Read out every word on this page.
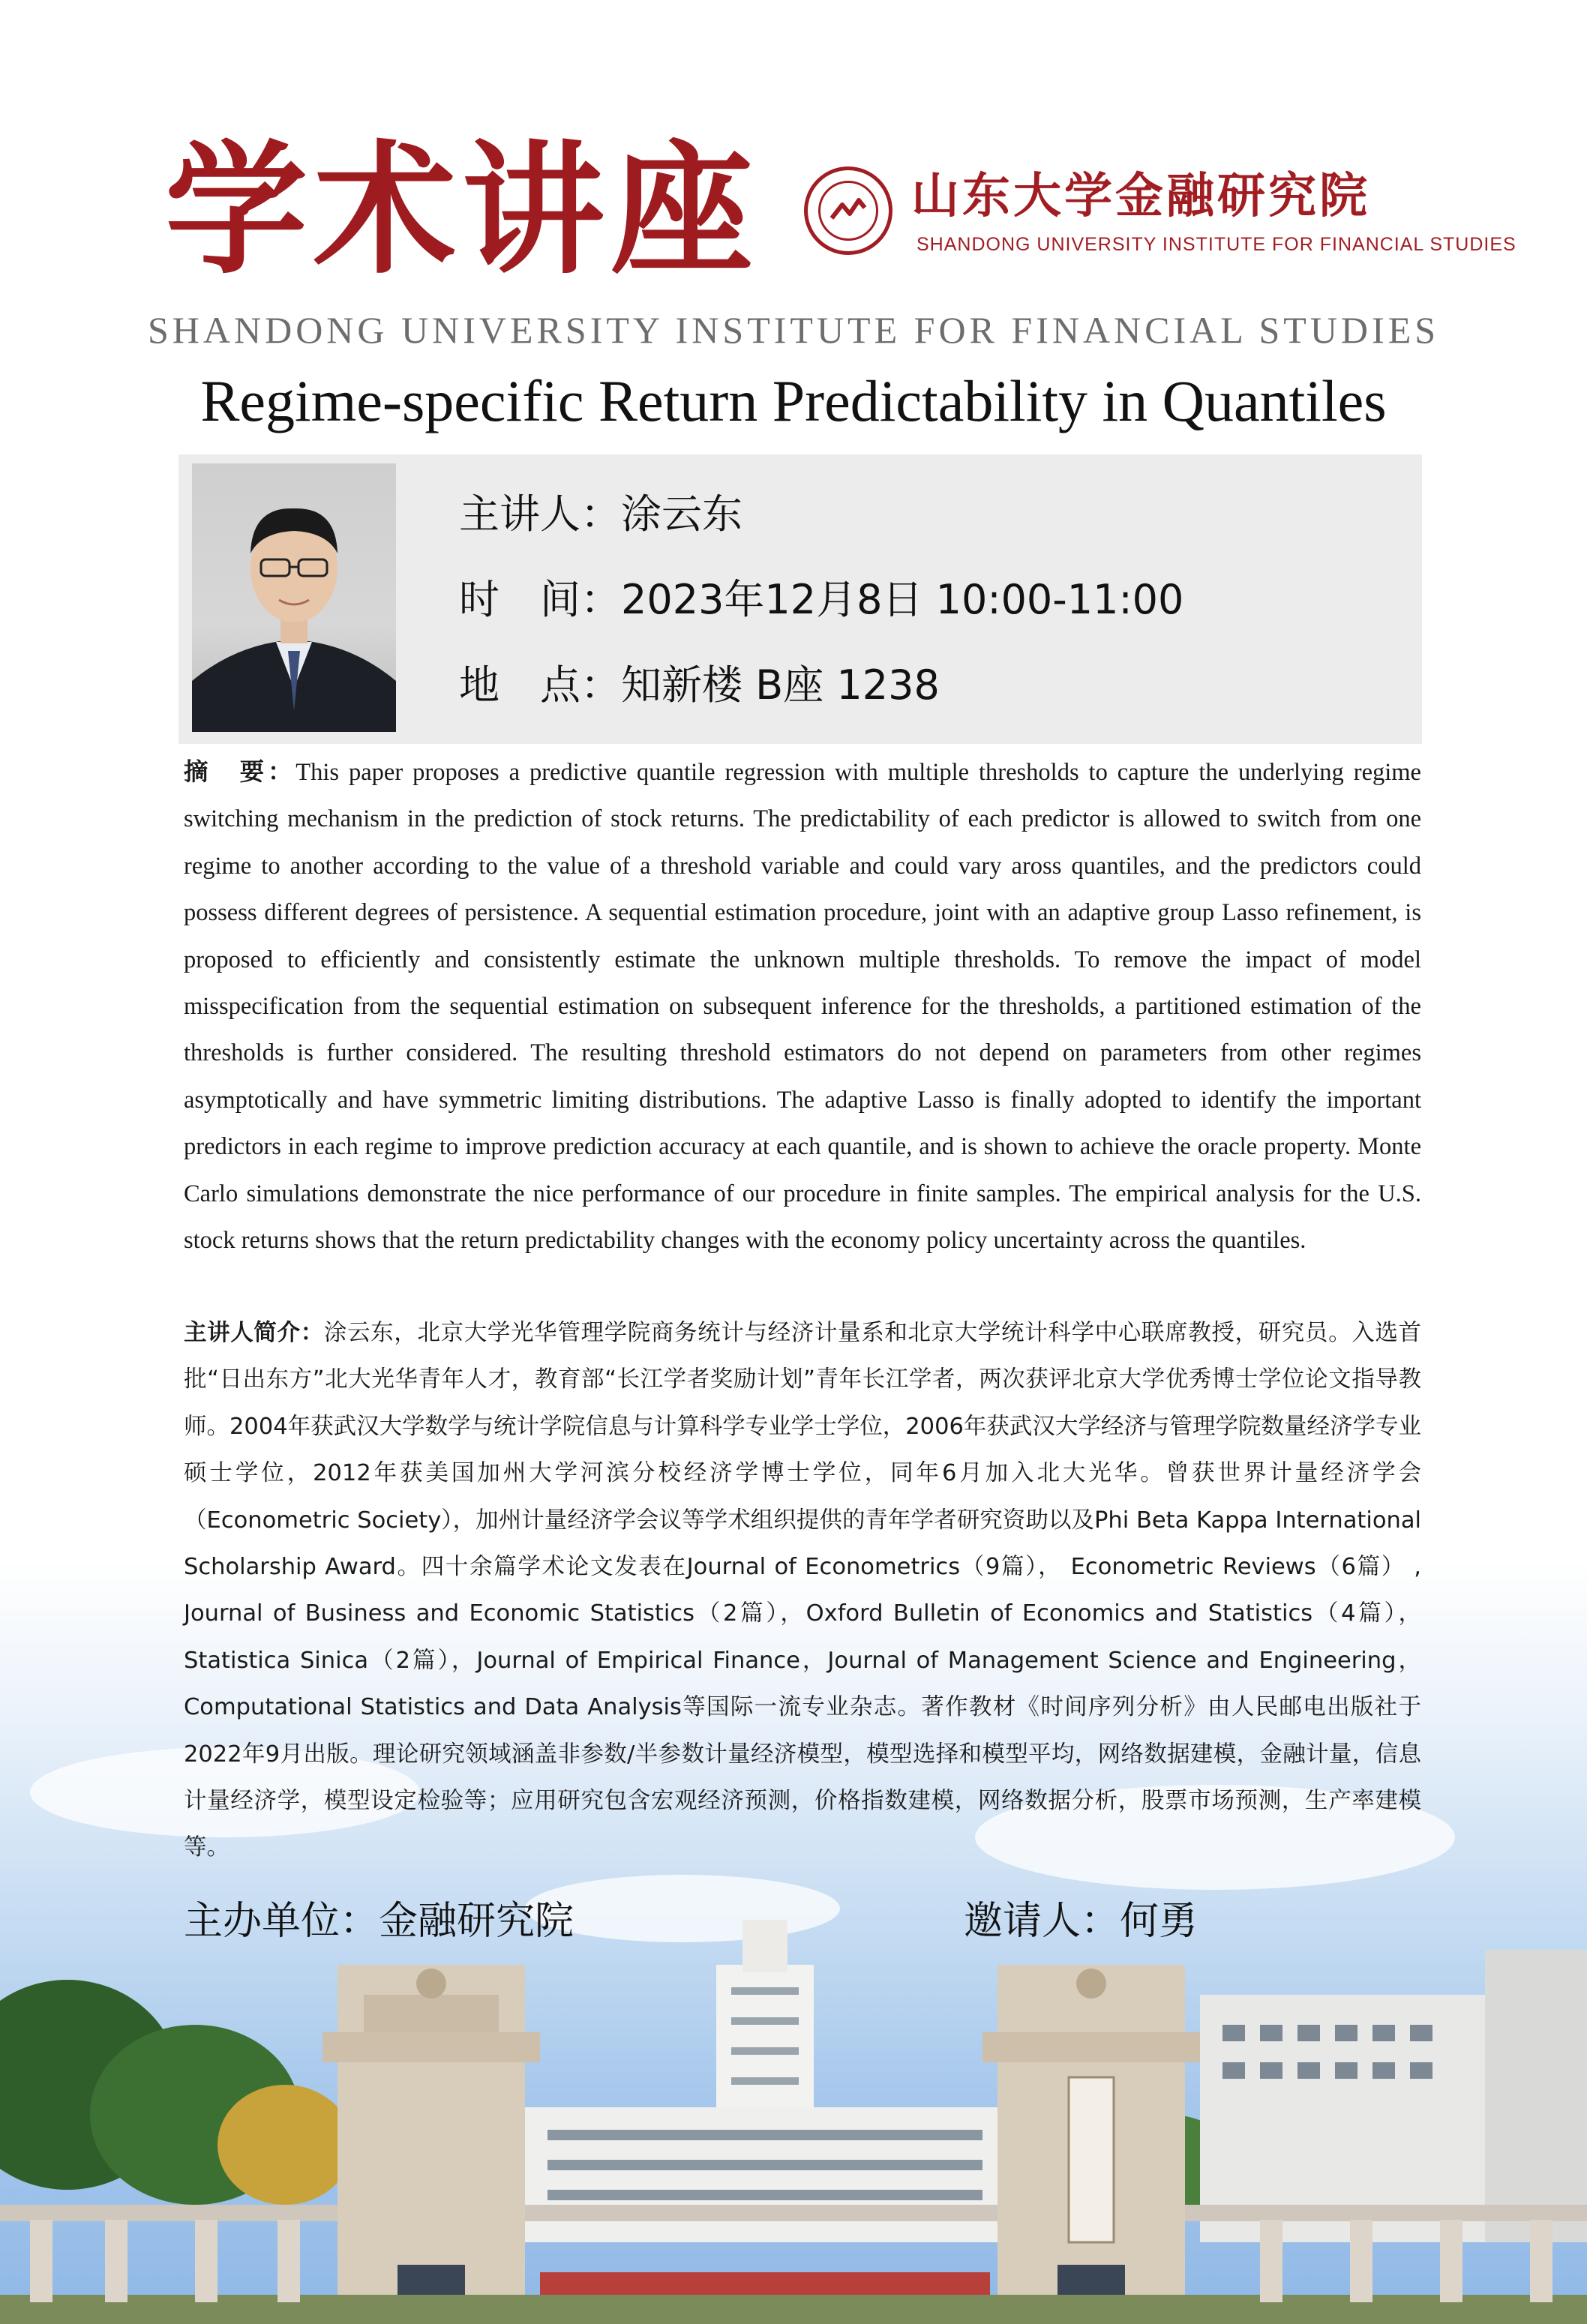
学术讲座	山东大学金融研究院
SHANDONG UNIVERSITY INSTITUTE FOR FINANCIAL STUDIES
SHANDONG UNIVERSITY INSTITUTE FOR FINANCIAL STUDIES
Regime-specific Return Predictability in Quantiles
主讲人：涂云东
时　间：2023年12月8日 10:00-11:00
地　点：知新楼 B座 1238
摘　要：This paper proposes a predictive quantile regression with multiple thresholds to capture the underlying regime switching mechanism in the prediction of stock returns. The predictability of each predictor is allowed to switch from one regime to another according to the value of a threshold variable and could vary aross quantiles, and the predictors could possess different degrees of persistence. A sequential estimation procedure, joint with an adaptive group Lasso refinement, is proposed to efficiently and consistently estimate the unknown multiple thresholds. To remove the impact of model misspecification from the sequential estimation on subsequent inference for the thresholds, a partitioned estimation of the thresholds is further considered. The resulting threshold estimators do not depend on parameters from other regimes asymptotically and have symmetric limiting distributions. The adaptive Lasso is finally adopted to identify the important predictors in each regime to improve prediction accuracy at each quantile, and is shown to achieve the oracle property. Monte Carlo simulations demonstrate the nice performance of our procedure in finite samples. The empirical analysis for the U.S. stock returns shows that the return predictability changes with the economy policy uncertainty across the quantiles.
主讲人简介：涂云东，北京大学光华管理学院商务统计与经济计量系和北京大学统计科学中心联席教授，研究员。入选首批“日出东方”北大光华青年人才，教育部“长江学者奖励计划”青年长江学者，两次获评北京大学优秀博士学位论文指导教师。2004年获武汉大学数学与统计学院信息与计算科学专业学士学位，2006年获武汉大学经济与管理学院数量经济学专业硕士学位，2012年获美国加州大学河滨分校经济学博士学位，同年6月加入北大光华。曾获世界计量经济学会（Econometric Society），加州计量经济学会议等学术组织提供的青年学者研究资助以及Phi Beta Kappa International Scholarship Award。四十余篇学术论文发表在Journal of Econometrics（9篇）， Econometric Reviews（6篇） , Journal of Business and Economic Statistics（2篇），Oxford Bulletin of Economics and Statistics（4篇），Statistica Sinica（2篇），Journal of Empirical Finance，Journal of Management Science and Engineering，Computational Statistics and Data Analysis等国际一流专业杂志。著作教材《时间序列分析》由人民邮电出版社于2022年9月出版。理论研究领域涵盖非参数/半参数计量经济模型，模型选择和模型平均，网络数据建模，金融计量，信息计量经济学，模型设定检验等；应用研究包含宏观经济预测，价格指数建模，网络数据分析，股票市场预测，生产率建模等。
主办单位：金融研究院	邀请人：何勇
